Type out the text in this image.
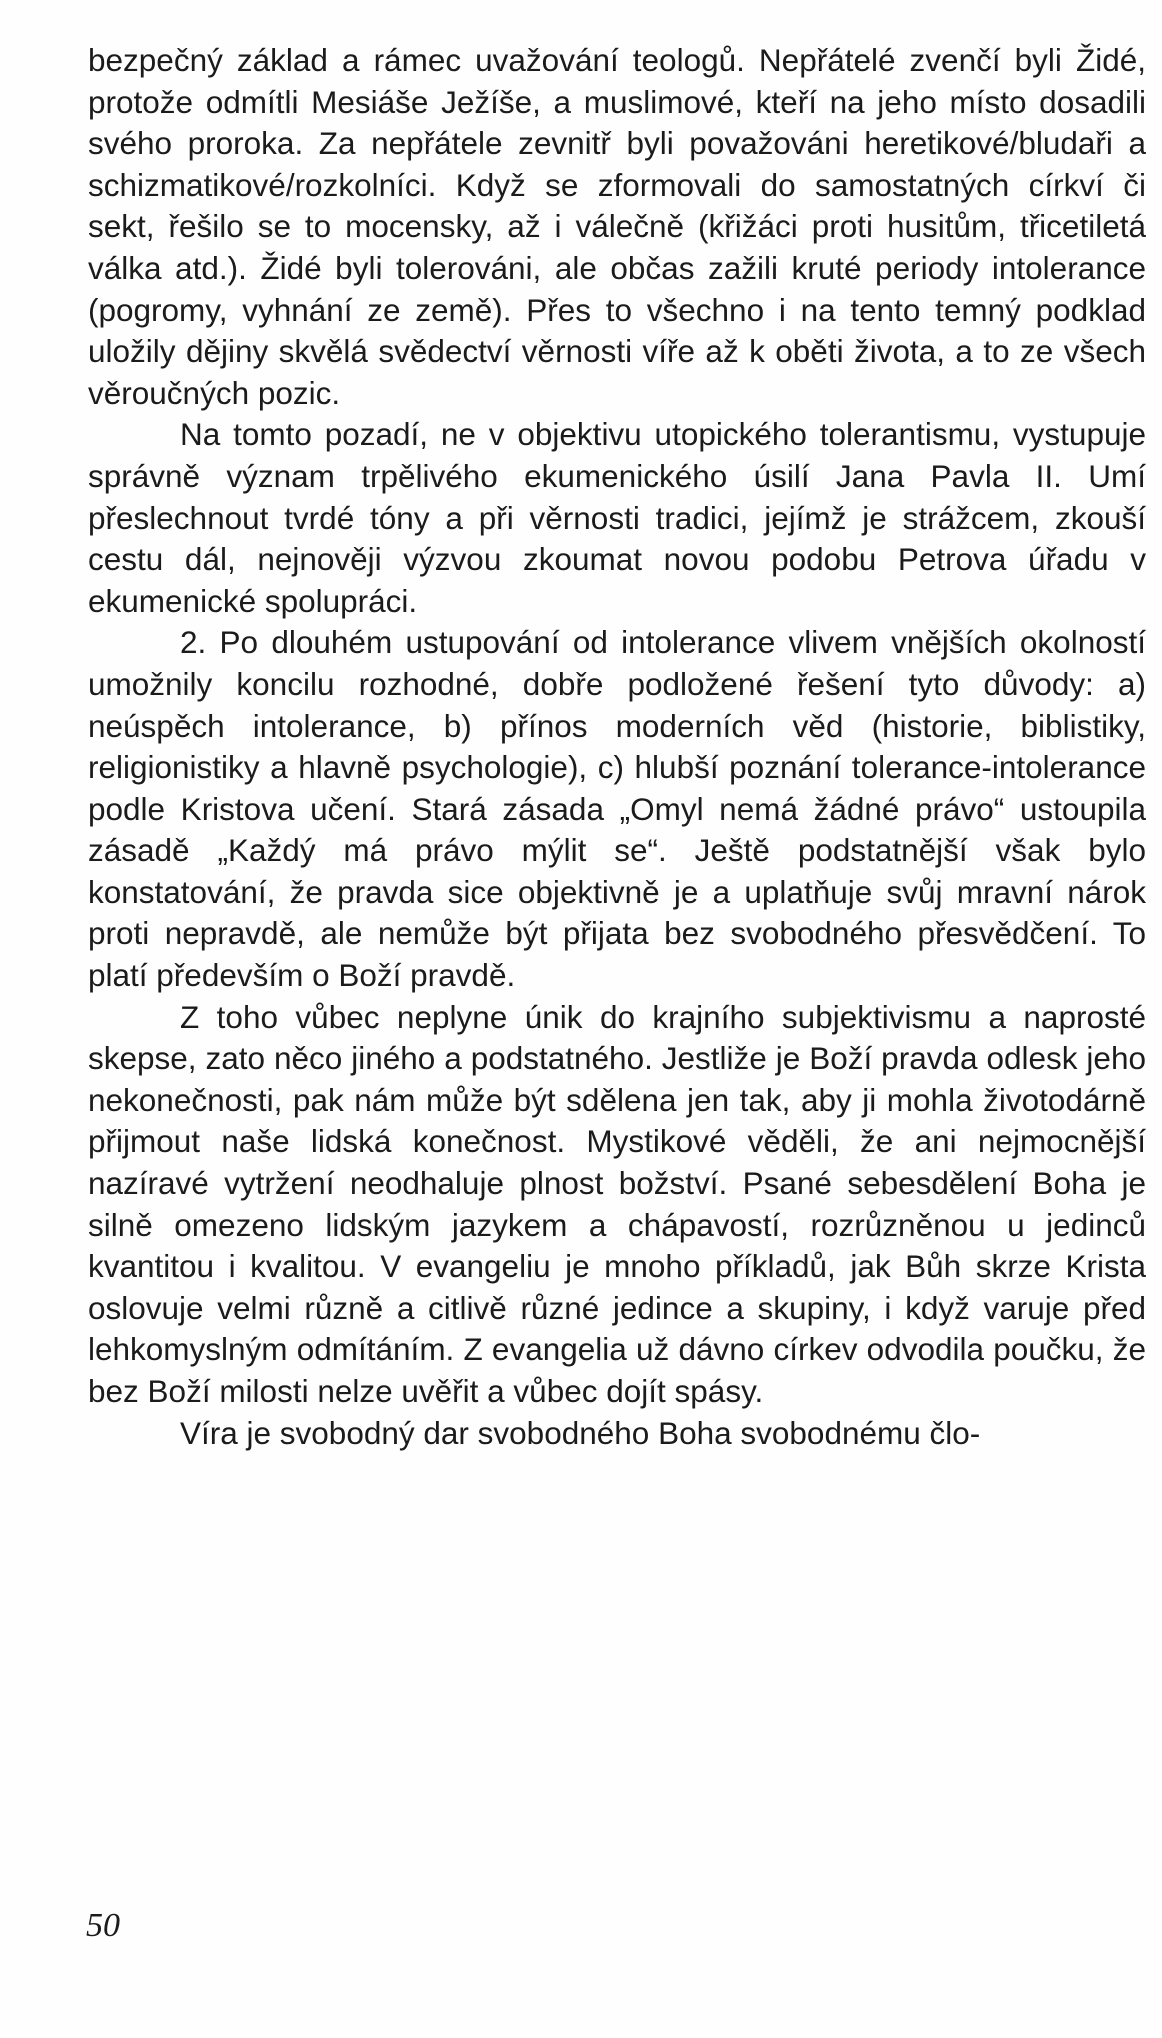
bezpečný základ a rámec uvažování teologů. Nepřátelé zvenčí byli Židé, protože odmítli Mesiáše Ježíše, a muslimové, kteří na jeho místo dosadili svého proroka. Za nepřátele zevnitř byli považováni heretikové/bludaři a schizmatikové/rozkolníci. Když se zformovali do samostatných církví či sekt, řešilo se to mocensky, až i válečně (křižáci proti husitům, třicetiletá válka atd.). Židé byli tolerováni, ale občas zažili kruté periody intolerance (pogromy, vyhnání ze země). Přes to všechno i na tento temný podklad uložily dějiny skvělá svědectví věrnosti víře až k oběti života, a to ze všech věroučných pozic.

Na tomto pozadí, ne v objektivu utopického tolerantismu, vystupuje správně význam trpělivého ekumenického úsilí Jana Pavla II. Umí přeslechnout tvrdé tóny a při věrnosti tradici, jejímž je strážcem, zkouší cestu dál, nejnověji výzvou zkoumat novou podobu Petrova úřadu v ekumenické spolupráci.

2. Po dlouhém ustupování od intolerance vlivem vnějších okolností umožnily koncilu rozhodné, dobře podložené řešení tyto důvody: a) neúspěch intolerance, b) přínos moderních věd (historie, biblistiky, religionistiky a hlavně psychologie), c) hlubší poznání tolerance-intolerance podle Kristova učení. Stará zásada „Omyl nemá žádné právo“ ustoupila zásadě „Každý má právo mýlit se“. Ještě podstatnější však bylo konstatování, že pravda sice objektivně je a uplatňuje svůj mravní nárok proti nepravdě, ale nemůže být přijata bez svobodného přesvědčení. To platí především o Boží pravdě.

Z toho vůbec neplyne únik do krajního subjektivismu a naprosté skepse, zato něco jiného a podstatného. Jestliže je Boží pravda odlesk jeho nekonečnosti, pak nám může být sdělena jen tak, aby ji mohla životodárně přijmout naše lidská konečnost. Mystikové věděli, že ani nejmocnější nazíravé vytržení neodhaluje plnost božství. Psané sebesdělení Boha je silně omezeno lidským jazykem a chápavostí, rozrůzněnou u jedinců kvantitou i kvalitou. V evangeliu je mnoho příkladů, jak Bůh skrze Krista oslovuje velmi různě a citlivě různé jedince a skupiny, i když varuje před lehkomyslným odmítáním. Z evangelia už dávno církev odvodila poučku, že bez Boží milosti nelze uvěřit a vůbec dojít spásy.

Víra je svobodný dar svobodného Boha svobodnému člo-

50
